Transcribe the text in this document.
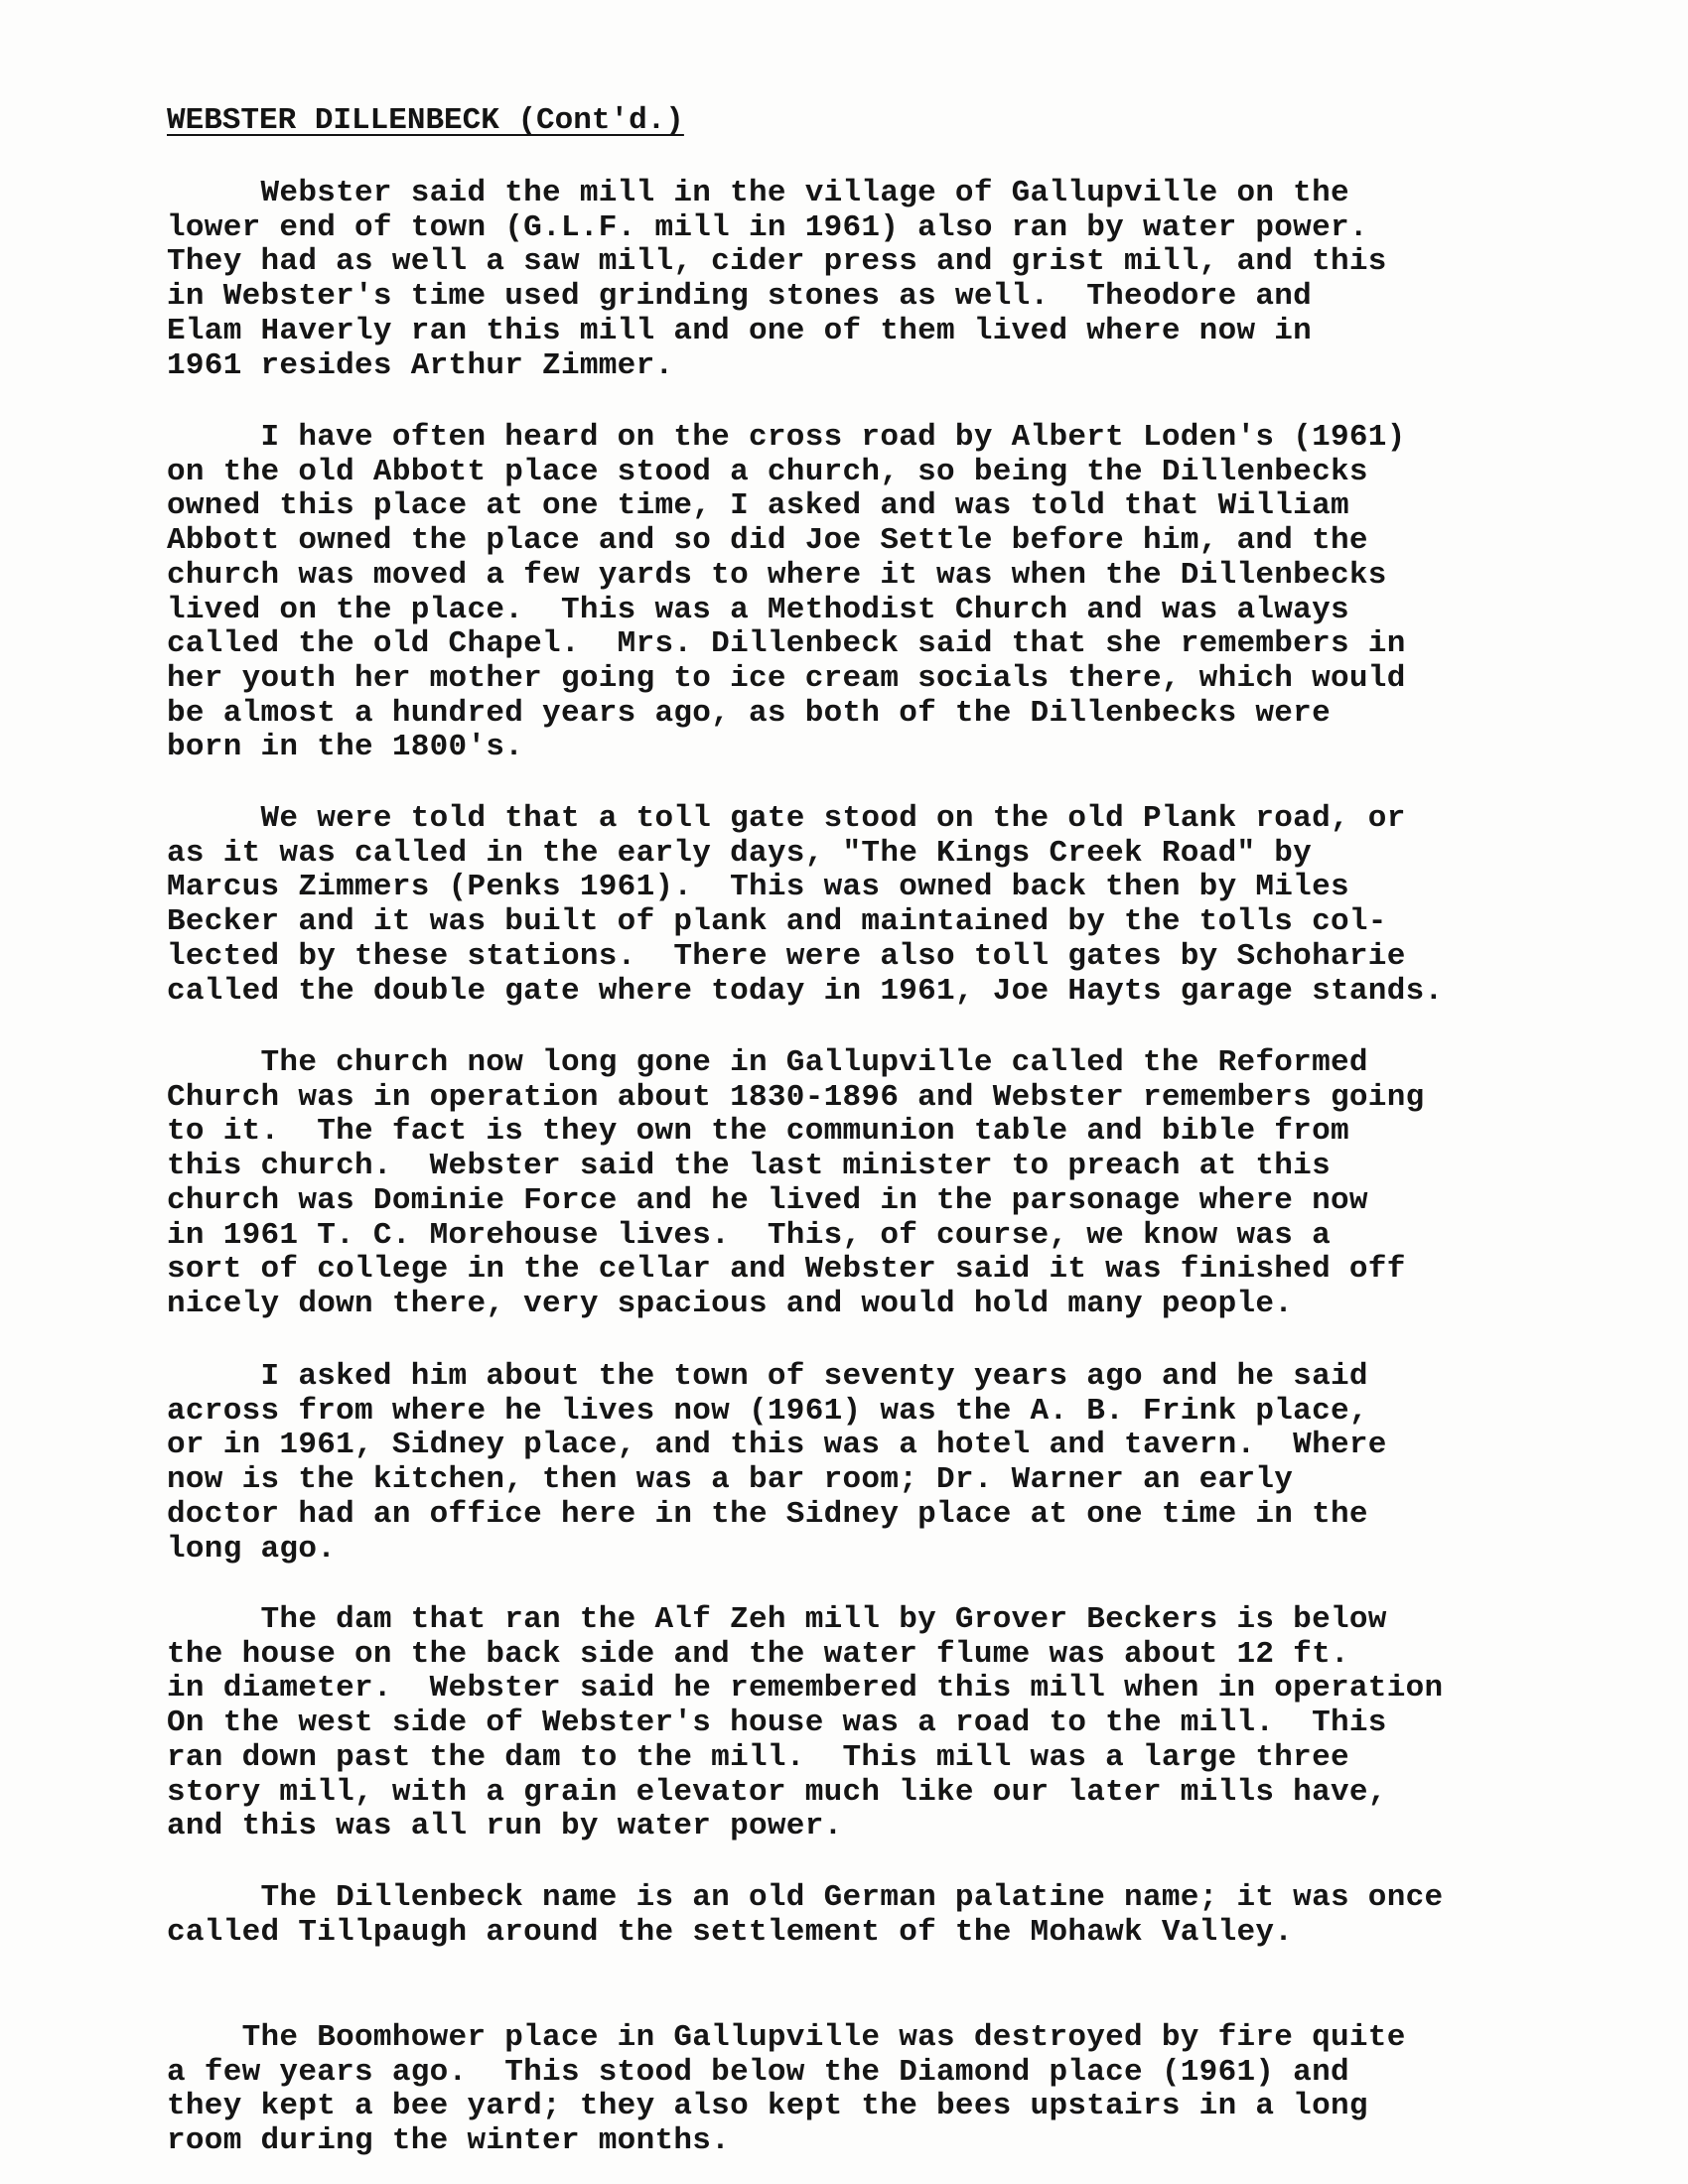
WEBSTER DILLENBECK (Cont'd.)
Webster said the mill in the village of Gallupville on the
lower end of town (G.L.F. mill in 1961) also ran by water power.
They had as well a saw mill, cider press and grist mill, and this
in Webster's time used grinding stones as well.  Theodore and
Elam Haverly ran this mill and one of them lived where now in
1961 resides Arthur Zimmer.
I have often heard on the cross road by Albert Loden's (1961)
on the old Abbott place stood a church, so being the Dillenbecks
owned this place at one time, I asked and was told that William
Abbott owned the place and so did Joe Settle before him, and the
church was moved a few yards to where it was when the Dillenbecks
lived on the place.  This was a Methodist Church and was always
called the old Chapel.  Mrs. Dillenbeck said that she remembers in
her youth her mother going to ice cream socials there, which would
be almost a hundred years ago, as both of the Dillenbecks were
born in the 1800's.
We were told that a toll gate stood on the old Plank road, or
as it was called in the early days, "The Kings Creek Road" by
Marcus Zimmers (Penks 1961).  This was owned back then by Miles
Becker and it was built of plank and maintained by the tolls col-
lected by these stations.  There were also toll gates by Schoharie
called the double gate where today in 1961, Joe Hayts garage stands.
The church now long gone in Gallupville called the Reformed
Church was in operation about 1830-1896 and Webster remembers going
to it.  The fact is they own the communion table and bible from
this church.  Webster said the last minister to preach at this
church was Dominie Force and he lived in the parsonage where now
in 1961 T. C. Morehouse lives.  This, of course, we know was a
sort of college in the cellar and Webster said it was finished off
nicely down there, very spacious and would hold many people.
I asked him about the town of seventy years ago and he said
across from where he lives now (1961) was the A. B. Frink place,
or in 1961, Sidney place, and this was a hotel and tavern.  Where
now is the kitchen, then was a bar room; Dr. Warner an early
doctor had an office here in the Sidney place at one time in the
long ago.
The dam that ran the Alf Zeh mill by Grover Beckers is below
the house on the back side and the water flume was about 12 ft.
in diameter.  Webster said he remembered this mill when in operation
On the west side of Webster's house was a road to the mill.  This
ran down past the dam to the mill.  This mill was a large three
story mill, with a grain elevator much like our later mills have,
and this was all run by water power.
The Dillenbeck name is an old German palatine name; it was once
called Tillpaugh around the settlement of the Mohawk Valley.
The Boomhower place in Gallupville was destroyed by fire quite
a few years ago.  This stood below the Diamond place (1961) and
they kept a bee yard; they also kept the bees upstairs in a long
room during the winter months.
